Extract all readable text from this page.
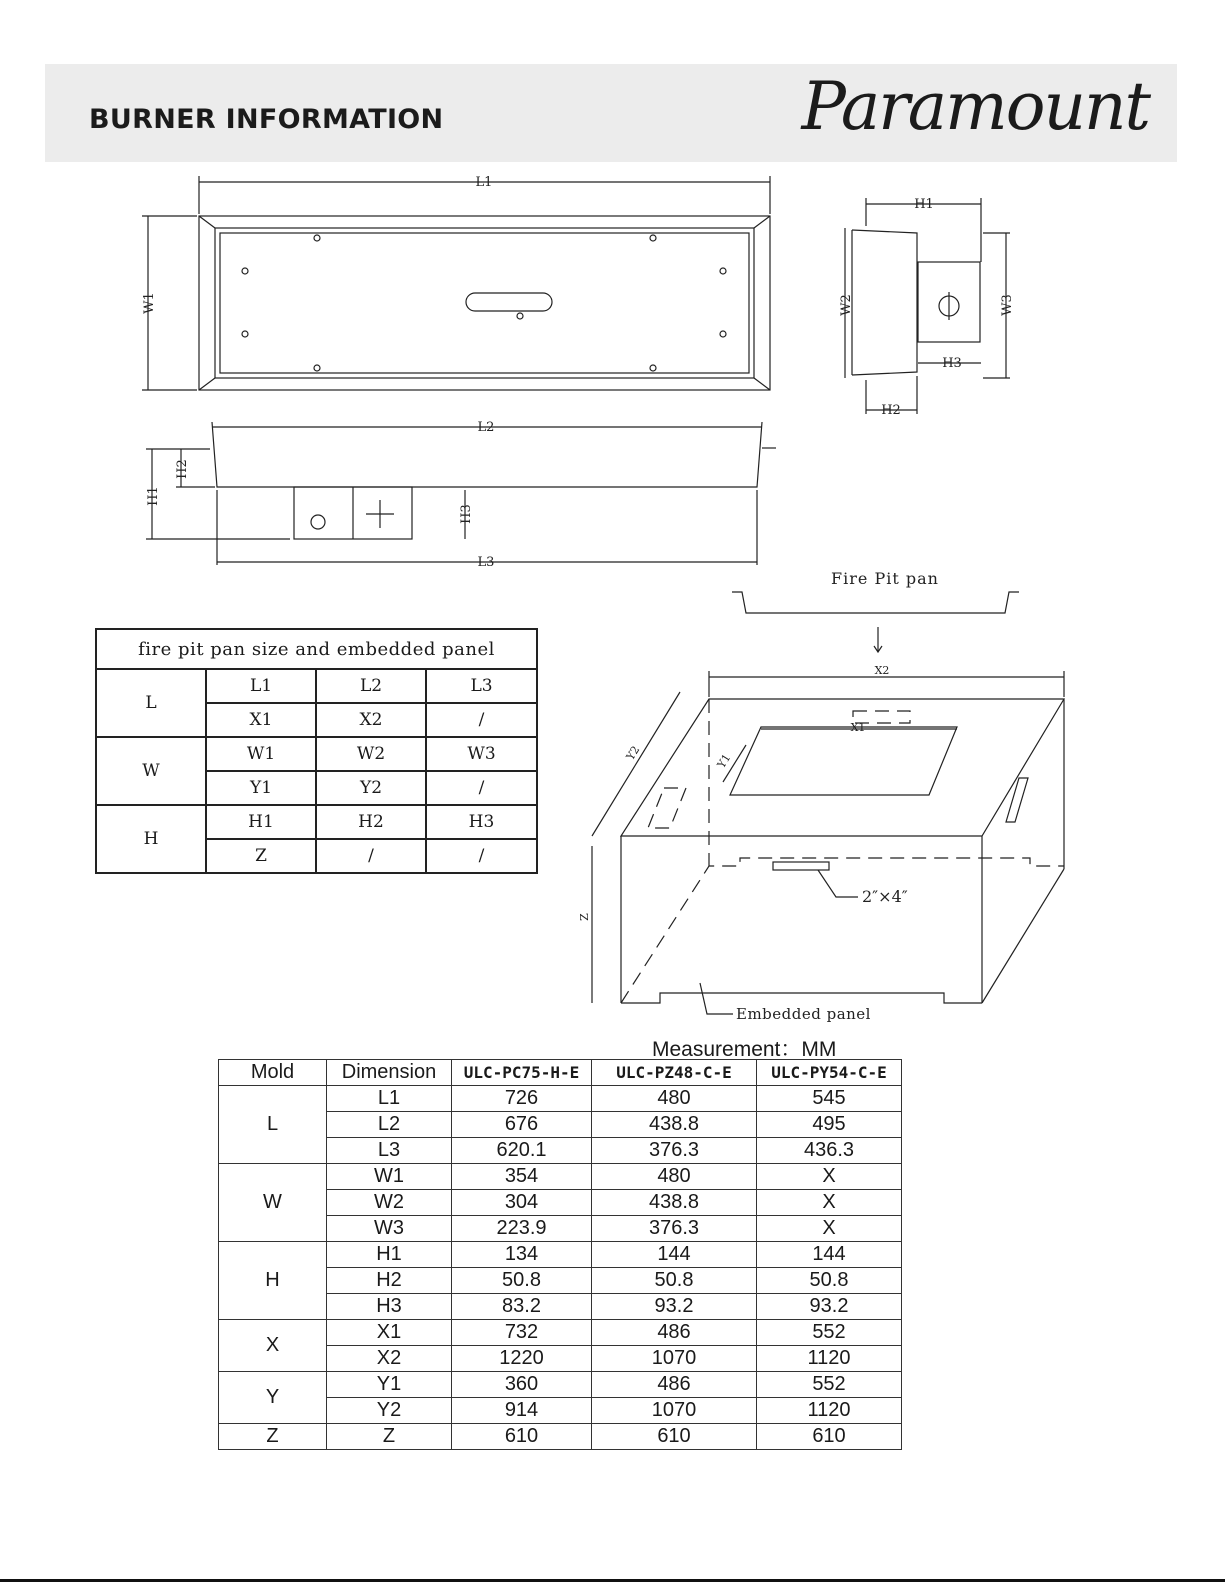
BURNER INFORMATION	Paramount
L1
W1
H1
W2	W3
H3
H2
L2
L3
H1
H2
H3
Fire Pit pan
X2
X1
Y2	Y1
Z
2″×4″
Embedded panel
fire pit pan size and embedded panel			
L	L1	L2	L3
	X1	X2	/
W	W1	W2	W3
	Y1	Y2	/
H	H1	H2	H3
	Z	/	/
Measurement：MM
Mold	Dimension	ULC-PC75-H-E	ULC-PZ48-C-E	ULC-PY54-C-E
L	L1	726	480	545
	L2	676	438.8	495
	L3	620.1	376.3	436.3
W	W1	354	480	X
	W2	304	438.8	X
	W3	223.9	376.3	X
H	H1	134	144	144
	H2	50.8	50.8	50.8
	H3	83.2	93.2	93.2
X	X1	732	486	552
	X2	1220	1070	1120
Y	Y1	360	486	552
	Y2	914	1070	1120
Z	Z	610	610	610
